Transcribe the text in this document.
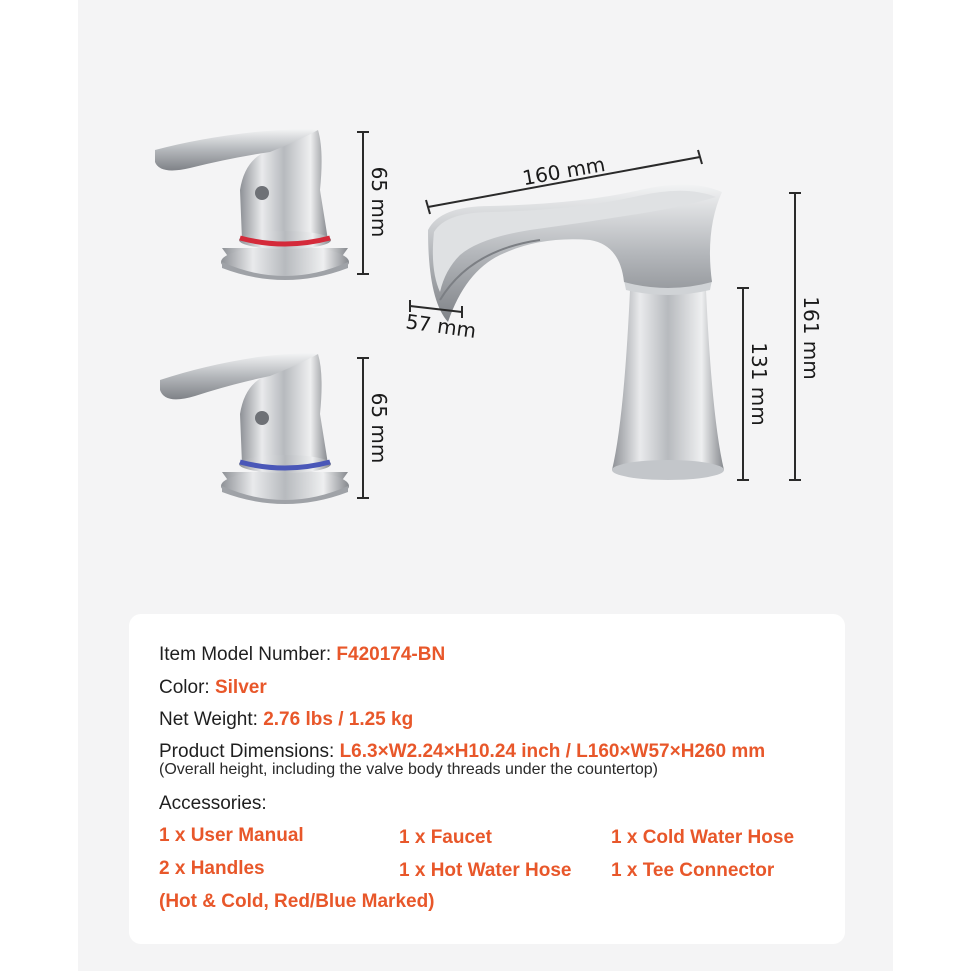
65 mm
65 mm
160 mm
57 mm
131 mm
161 mm
Item Model Number: F420174-BN
Color: Silver
Net Weight: 2.76 lbs / 1.25 kg
Product Dimensions: L6.3×W2.24×H10.24 inch / L160×W57×H260 mm
(Overall height, including the valve body threads under the countertop)
Accessories:
1 x User Manual	1 x Faucet	1 x Cold Water Hose
2 x Handles	1 x Hot Water Hose 1 x Tee Connector
(Hot & Cold, Red/Blue Marked)
